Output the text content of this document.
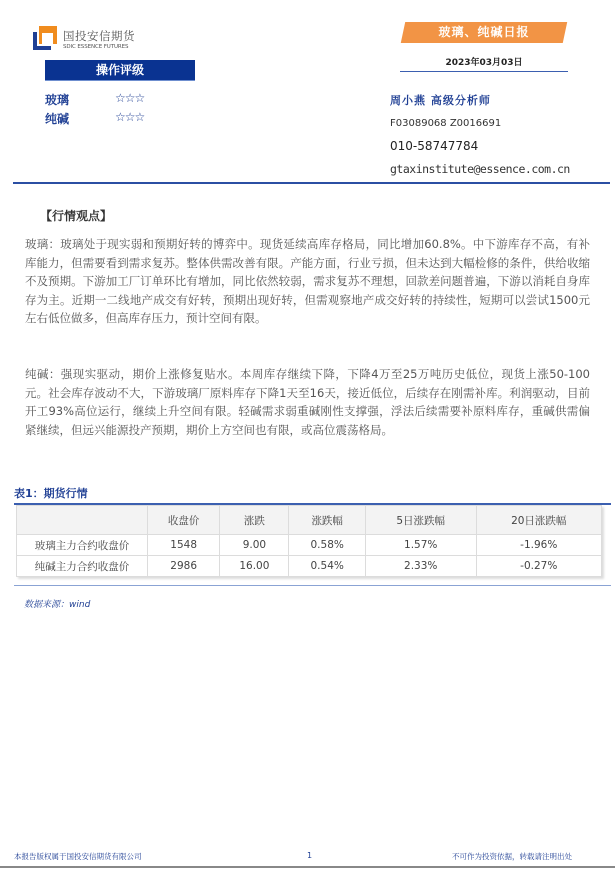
国投安信期货
SDIC ESSENCE FUTURES
操作评级
玻璃	☆☆☆
纯碱	☆☆☆
玻璃、纯碱日报
2023年03月03日
周小燕 高级分析师
F03089068 Z0016691
010-58747784
gtaxinstitute@essence.com.cn
【行情观点】
玻璃：玻璃处于现实弱和预期好转的博弈中。现货延续高库存格局，同比增加60.8%。中下游库存不高，有补库能力，但需要看到需求复苏。整体供需改善有限。产能方面，行业亏损，但未达到大幅检修的条件，供给收缩不及预期。下游加工厂订单环比有增加，同比依然较弱，需求复苏不理想，回款差问题普遍，下游以消耗自身库存为主。近期一二线地产成交有好转，预期出现好转，但需观察地产成交好转的持续性，短期可以尝试1500元左右低位做多，但高库存压力，预计空间有限。
纯碱：强现实驱动，期价上涨修复贴水。本周库存继续下降，下降4万至25万吨历史低位，现货上涨50-100元。社会库存波动不大，下游玻璃厂原料库存下降1天至16天，接近低位，后续存在刚需补库。利润驱动，目前开工93%高位运行，继续上升空间有限。轻碱需求弱重碱刚性支撑强，浮法后续需要补原料库存，重碱供需偏紧继续，但远兴能源投产预期，期价上方空间也有限，或高位震荡格局。
表1：期货行情
	收盘价	涨跌	涨跌幅	5日涨跌幅	20日涨跌幅
玻璃主力合约收盘价	1548	9.00	0.58%	1.57%	-1.96%
纯碱主力合约收盘价	2986	16.00	0.54%	2.33%	-0.27%
数据来源：wind
本报告版权属于国投安信期货有限公司	1	不可作为投资依据，转载请注明出处
